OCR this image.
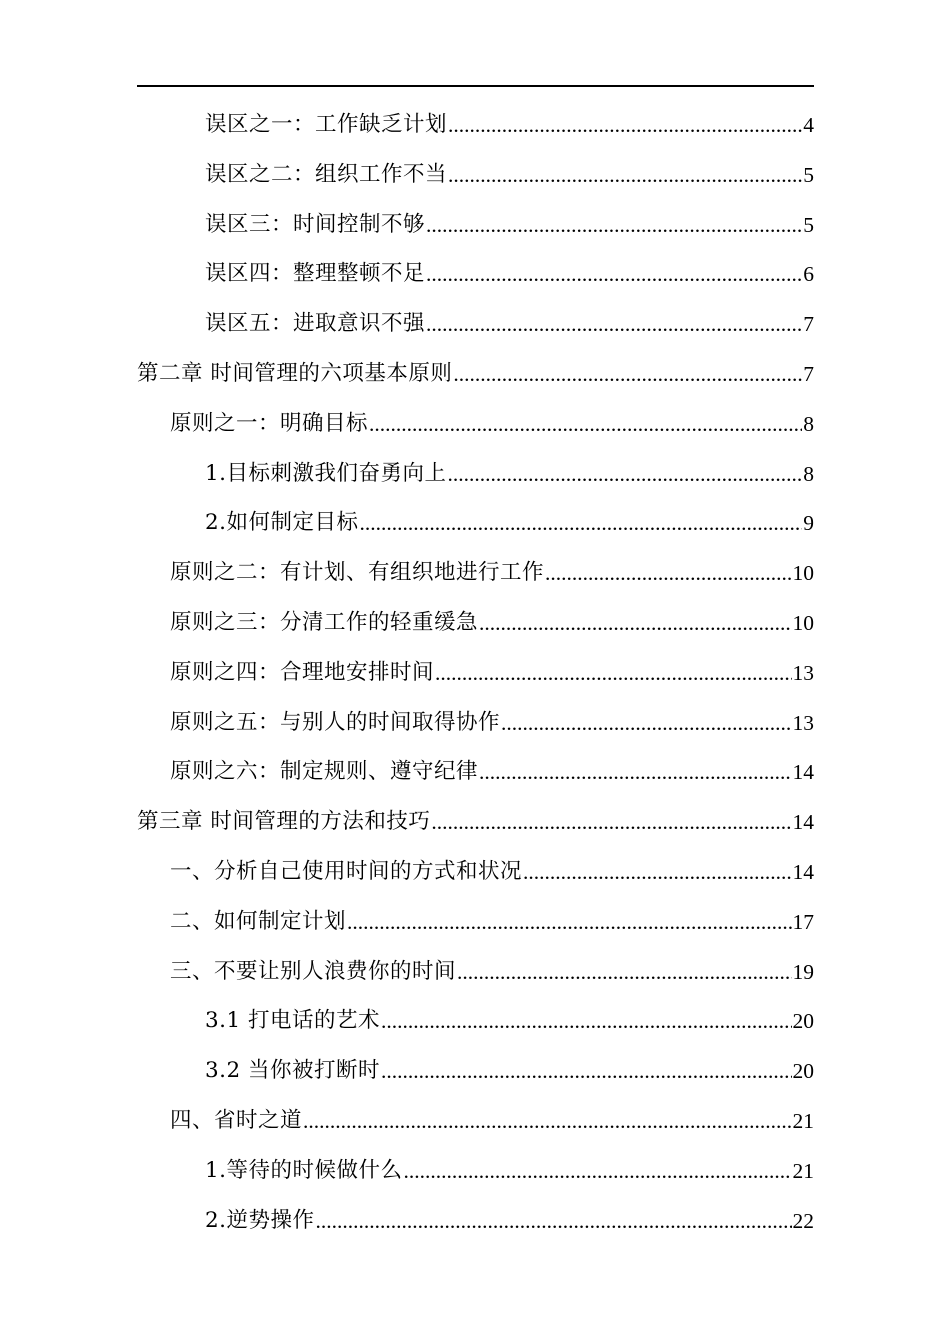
误区之一：工作缺乏计划 .....	4
误区之二：组织工作不当 .....	5
误区三：时间控制不够 .....	5
误区四：整理整顿不足 .....	6
误区五：进取意识不强 .....	7
第二章 时间管理的六项基本原则 .....	7
原则之一：明确目标 .....	8
1.目标刺激我们奋勇向上 .....	8
2.如何制定目标 .....	9
原则之二：有计划、有组织地进行工作 .....	10
原则之三：分清工作的轻重缓急 .....	10
原则之四：合理地安排时间 .....	13
原则之五：与别人的时间取得协作 .....	13
原则之六：制定规则、遵守纪律 .....	14
第三章 时间管理的方法和技巧 .....	14
一、分析自己使用时间的方式和状况 .....	14
二、如何制定计划 .....	17
三、不要让别人浪费你的时间 .....	19
3.1 打电话的艺术 .....	20
3.2 当你被打断时 .....	20
四、省时之道 .....	21
1.等待的时候做什么 .....	21
2.逆势操作 .....	22
